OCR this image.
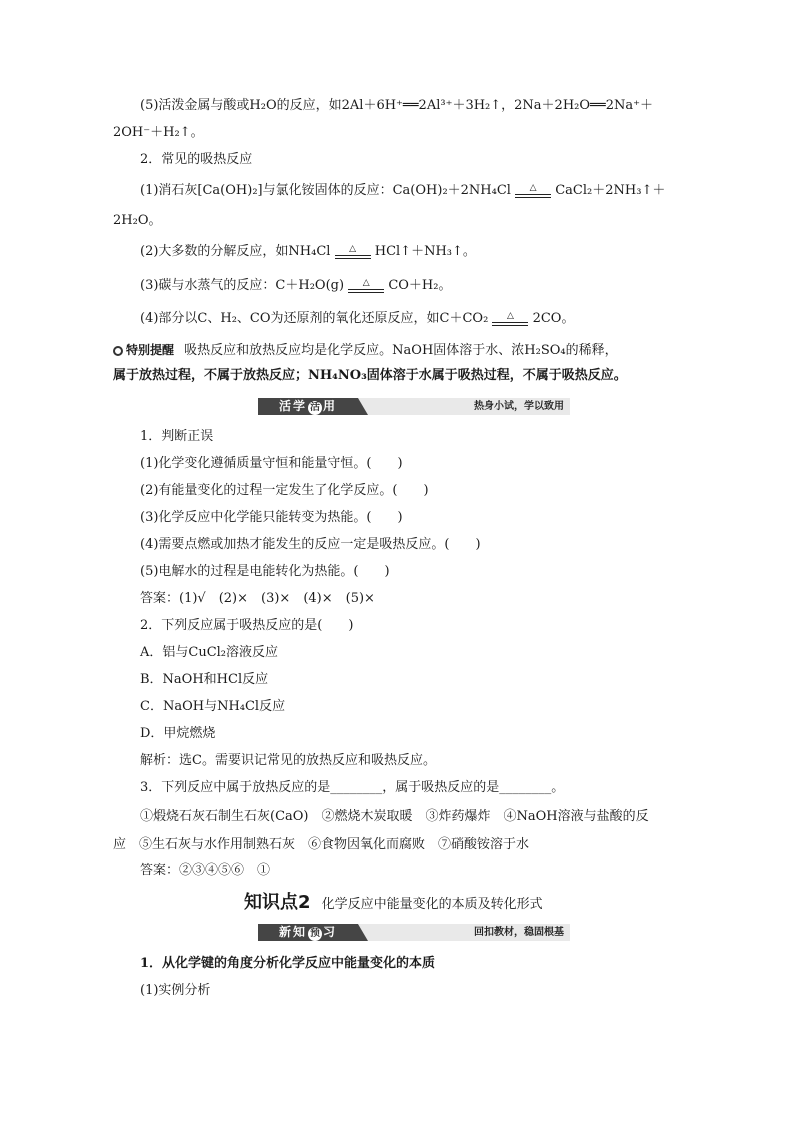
(5)活泼金属与酸或H₂O的反应，如2Al＋6H⁺══2Al³⁺＋3H₂↑，2Na＋2H₂O══2Na⁺＋
2OH⁻＋H₂↑。
2．常见的吸热反应
(1)消石灰[Ca(OH)₂]与氯化铵固体的反应：Ca(OH)₂＋2NH₄Cl	△	CaCl₂＋2NH₃↑＋
2H₂O。
(2)大多数的分解反应，如NH₄Cl	△	HCl↑＋NH₃↑。
(3)碳与水蒸气的反应：C＋H₂O(g)	△	CO＋H₂。
(4)部分以C、H₂、CO为还原剂的氧化还原反应，如C＋CO₂	△	2CO。
特别提醒 吸热反应和放热反应均是化学反应。NaOH固体溶于水、浓H₂SO₄的稀释，
属于放热过程，不属于放热反应；NH₄NO₃固体溶于水属于吸热过程，不属于吸热反应。
活学 活 用	热身小试，学以致用
1．判断正误
(1)化学变化遵循质量守恒和能量守恒。(　　)
(2)有能量变化的过程一定发生了化学反应。(　　)
(3)化学反应中化学能只能转变为热能。(　　)
(4)需要点燃或加热才能发生的反应一定是吸热反应。(　　)
(5)电解水的过程是电能转化为热能。(　　)
答案：(1)√　(2)×　(3)×　(4)×　(5)×
2．下列反应属于吸热反应的是(　　)
A．铝与CuCl₂溶液反应
B．NaOH和HCl反应
C．NaOH与NH₄Cl反应
D．甲烷燃烧
解析：选C。需要识记常见的放热反应和吸热反应。
3．下列反应中属于放热反应的是________，属于吸热反应的是________。
①煅烧石灰石制生石灰(CaO)　②燃烧木炭取暖　③炸药爆炸　④NaOH溶液与盐酸的反
应　⑤生石灰与水作用制熟石灰　⑥食物因氧化而腐败　⑦硝酸铵溶于水
答案：②③④⑤⑥　①
知识点2 化学反应中能量变化的本质及转化形式
新知 预 习	回扣教材，稳固根基
1．从化学键的角度分析化学反应中能量变化的本质
(1)实例分析
